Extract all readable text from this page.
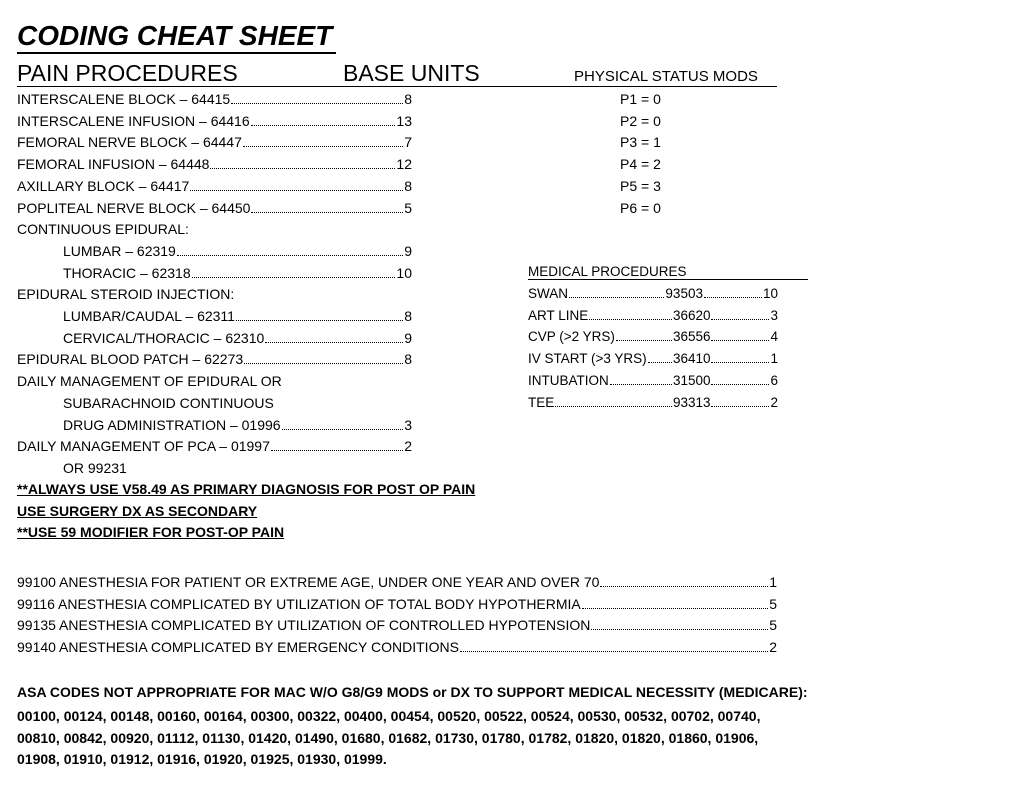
CODING CHEAT SHEET
PAIN PROCEDURES	BASE UNITS	PHYSICAL STATUS MODS
INTERSCALENE BLOCK – 64415	8
INTERSCALENE INFUSION – 64416	13
FEMORAL NERVE BLOCK – 64447	7
FEMORAL INFUSION – 64448	12
AXILLARY BLOCK – 64417	8
POPLITEAL NERVE BLOCK – 64450	5
CONTINUOUS EPIDURAL:
LUMBAR – 62319	9
THORACIC – 62318	10
EPIDURAL STEROID INJECTION:
LUMBAR/CAUDAL – 62311	8
CERVICAL/THORACIC – 62310	9
EPIDURAL BLOOD PATCH – 62273	8
DAILY MANAGEMENT OF EPIDURAL OR
SUBARACHNOID CONTINUOUS
DRUG ADMINISTRATION – 01996	3
DAILY MANAGEMENT OF PCA – 01997	2
OR 99231
P1 = 0
P2 = 0
P3 = 1
P4 = 2
P5 = 3
P6 = 0
MEDICAL PROCEDURES
SWAN	93503	10
ART LINE	36620	3
CVP (>2 YRS)	36556	4
IV START (>3 YRS) 36410	1
INTUBATION	31500	6
TEE	93313	2
**ALWAYS USE V58.49 AS PRIMARY DIAGNOSIS FOR POST OP PAIN
USE SURGERY DX AS SECONDARY
**USE 59 MODIFIER FOR POST-OP PAIN
99100 ANESTHESIA FOR PATIENT OR EXTREME AGE, UNDER ONE YEAR AND OVER 70	1
99116 ANESTHESIA COMPLICATED BY UTILIZATION OF TOTAL BODY HYPOTHERMIA	5
99135 ANESTHESIA COMPLICATED BY UTILIZATION OF CONTROLLED HYPOTENSION	5
99140 ANESTHESIA COMPLICATED BY EMERGENCY CONDITIONS	2
ASA CODES NOT APPROPRIATE FOR MAC W/O G8/G9 MODS or DX TO SUPPORT MEDICAL NECESSITY (MEDICARE):
00100, 00124, 00148, 00160, 00164, 00300, 00322, 00400, 00454, 00520, 00522, 00524, 00530, 00532, 00702, 00740,
00810, 00842, 00920, 01112, 01130, 01420, 01490, 01680, 01682, 01730, 01780, 01782, 01820, 01820, 01860, 01906,
01908, 01910, 01912, 01916, 01920, 01925, 01930, 01999.
